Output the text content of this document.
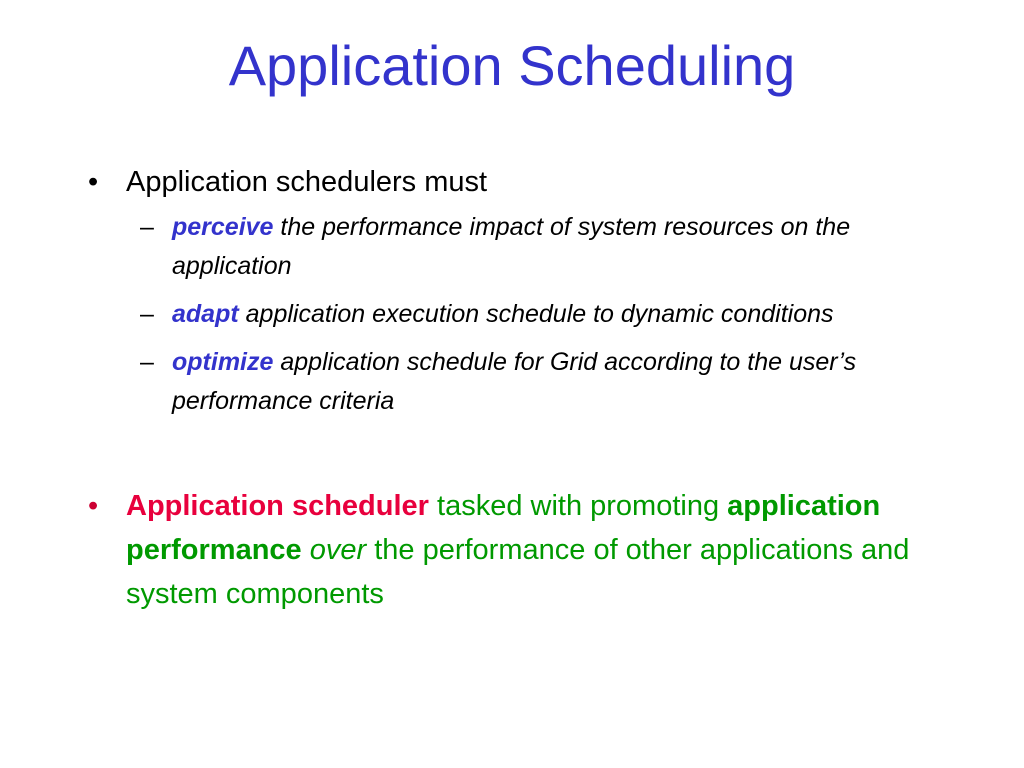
Application Scheduling
• Application schedulers must
– perceive the performance impact of system resources on the application
– adapt application execution schedule to dynamic conditions
– optimize application schedule for Grid according to the user’s performance criteria
• Application scheduler tasked with promoting application performance over the performance of other applications and system components
